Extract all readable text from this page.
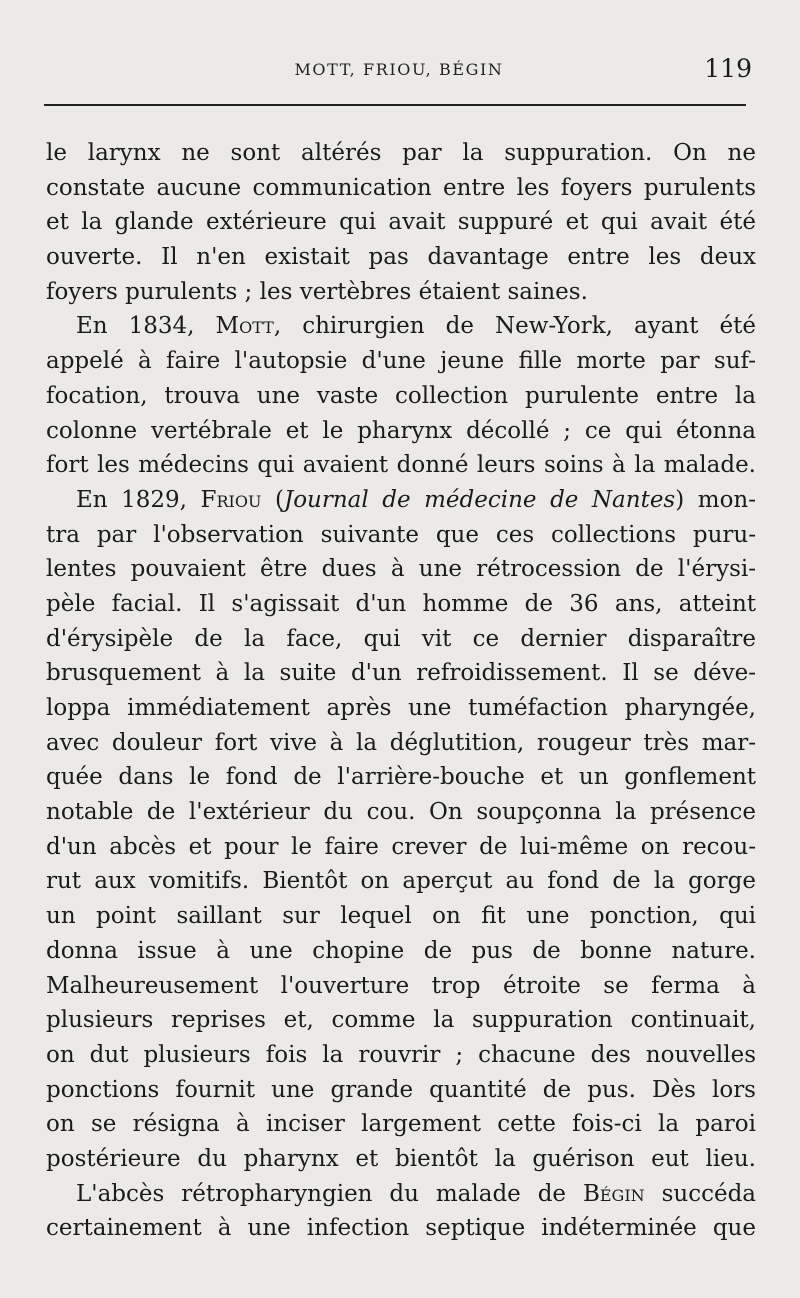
MOTT, FRIOU, BÉGIN	119
le larynx ne sont altérés par la suppuration. On ne
constate aucune communication entre les foyers purulents
et la glande extérieure qui avait suppuré et qui avait été
ouverte. Il n'en existait pas davantage entre les deux
foyers purulents ; les vertèbres étaient saines.
En 1834, Mott, chirurgien de New-York, ayant été
appelé à faire l'autopsie d'une jeune fille morte par suf-
focation, trouva une vaste collection purulente entre la
colonne vertébrale et le pharynx décollé ; ce qui étonna
fort les médecins qui avaient donné leurs soins à la malade.
En 1829, Friou (Journal de médecine de Nantes) mon-
tra par l'observation suivante que ces collections puru-
lentes pouvaient être dues à une rétrocession de l'érysi-
pèle facial. Il s'agissait d'un homme de 36 ans, atteint
d'érysipèle de la face, qui vit ce dernier disparaître
brusquement à la suite d'un refroidissement. Il se déve-
loppa immédiatement après une tuméfaction pharyngée,
avec douleur fort vive à la déglutition, rougeur très mar-
quée dans le fond de l'arrière-bouche et un gonflement
notable de l'extérieur du cou. On soupçonna la présence
d'un abcès et pour le faire crever de lui-même on recou-
rut aux vomitifs. Bientôt on aperçut au fond de la gorge
un point saillant sur lequel on fit une ponction, qui
donna issue à une chopine de pus de bonne nature.
Malheureusement l'ouverture trop étroite se ferma à
plusieurs reprises et, comme la suppuration continuait,
on dut plusieurs fois la rouvrir ; chacune des nouvelles
ponctions fournit une grande quantité de pus. Dès lors
on se résigna à inciser largement cette fois-ci la paroi
postérieure du pharynx et bientôt la guérison eut lieu.
L'abcès rétropharyngien du malade de Bégin succéda
certainement à une infection septique indéterminée que
